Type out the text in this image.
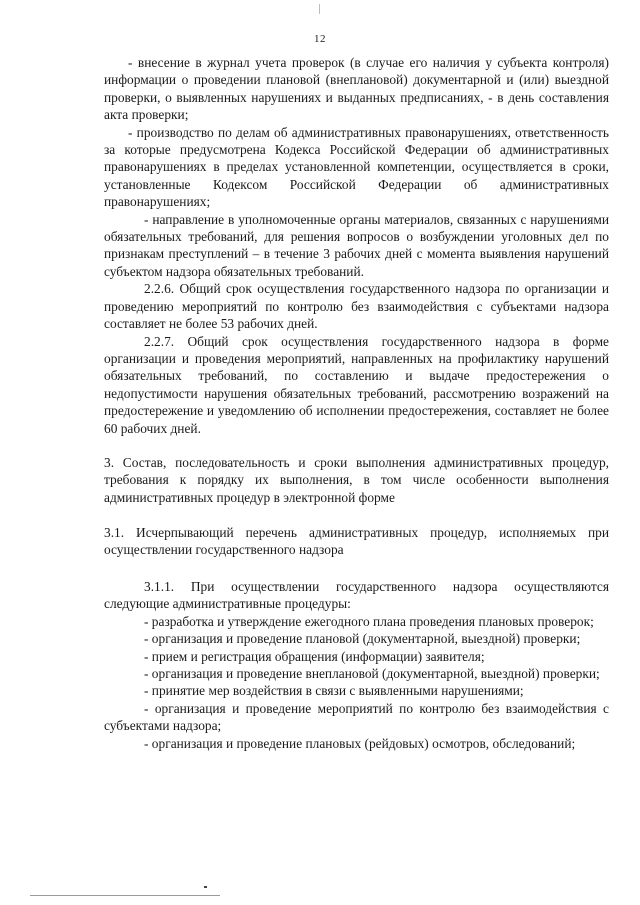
12

- внесение в журнал учета проверок (в случае его наличия у субъекта контроля) информации о проведении плановой (внеплановой) документарной и (или) выездной проверки, о выявленных нарушениях и выданных предписаниях, - в день составления акта проверки;

- производство по делам об административных правонарушениях, ответственность за которые предусмотрена Кодекса Российской Федерации об административных правонарушениях в пределах установленной компетенции, осуществляется в сроки, установленные Кодексом Российской Федерации об административных правонарушениях;

- направление в уполномоченные органы материалов, связанных с нарушениями обязательных требований, для решения вопросов о возбуждении уголовных дел по признакам преступлений – в течение 3 рабочих дней с момента выявления нарушений субъектом надзора обязательных требований.

2.2.6. Общий срок осуществления государственного надзора по организации и проведению мероприятий по контролю без взаимодействия с субъектами надзора составляет не более 53 рабочих дней.

2.2.7. Общий срок осуществления государственного надзора в форме организации и проведения мероприятий, направленных на профилактику нарушений обязательных требований, по составлению и выдаче предостережения о недопустимости нарушения обязательных требований, рассмотрению возражений на предостережение и уведомлению об исполнении предостережения, составляет не более 60 рабочих дней.

3. Состав, последовательность и сроки выполнения административных процедур, требования к порядку их выполнения, в том числе особенности выполнения административных процедур в электронной форме

3.1. Исчерпывающий перечень административных процедур, исполняемых при осуществлении государственного надзора

3.1.1. При осуществлении государственного надзора осуществляются следующие административные процедуры:

- разработка и утверждение ежегодного плана проведения плановых проверок;

- организация и проведение плановой (документарной, выездной) проверки;

- прием и регистрация обращения (информации) заявителя;

- организация и проведение внеплановой (документарной, выездной) проверки;

- принятие мер воздействия в связи с выявленными нарушениями;

- организация и проведение мероприятий по контролю без взаимодействия с субъектами надзора;

- организация и проведение плановых (рейдовых) осмотров, обследований;
